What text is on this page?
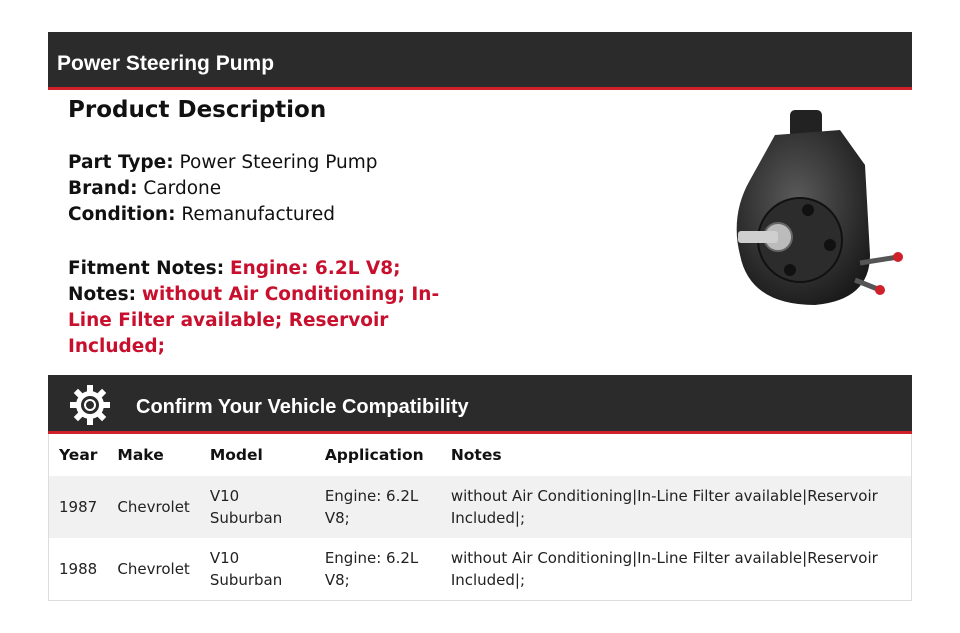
Power Steering Pump
Product Description
Part Type: Power Steering Pump
Brand: Cardone
Condition: Remanufactured
Fitment Notes: Engine: 6.2L V8;
Notes: without Air Conditioning; In-Line Filter available; Reservoir Included;
Confirm Your Vehicle Compatibility
Year	Make	Model	Application	Notes
1987	Chevrolet	V10 Suburban	Engine: 6.2L V8;	without Air Conditioning|In-Line Filter available|Reservoir Included|;
1988	Chevrolet	V10 Suburban	Engine: 6.2L V8;	without Air Conditioning|In-Line Filter available|Reservoir Included|;
